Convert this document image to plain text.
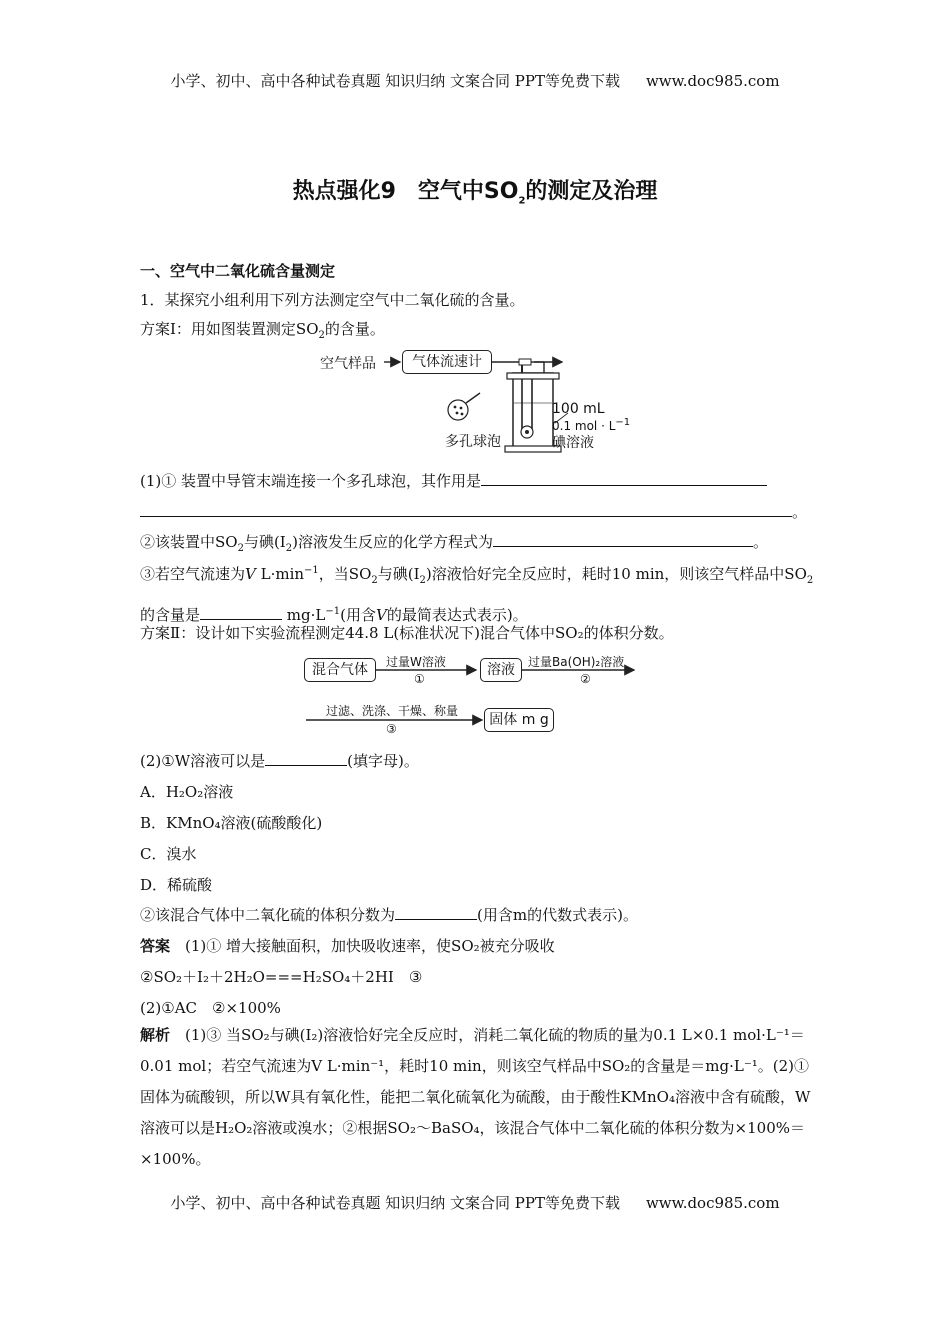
小学、初中、高中各种试卷真题 知识归纳 文案合同 PPT等免费下载 www.doc985.com
热点强化9　空气中$SO_2$的测定及治理
一、空气中二氧化硫含量测定
1．某探究小组利用下列方法测定空气中二氧化硫的含量。
方案Ⅰ：用如图装置测定$SO_2$的含量。
空气样品	气体流速计
多孔球泡
100 mL
0.1 mol · $L^{-1}$
碘溶液
(1)① 装置中导管末端连接一个多孔球泡，其作用是
。
②该装置中$SO_2$与碘$(I_2)$溶液发生反应的化学方程式为	。
③若空气流速为V $L\cdot\min^{-1}$，当$SO_2$与碘$(I_2)$溶液恰好完全反应时，耗时10 min，则该空气样品中$SO_2$的含量是	$mg\cdot L^{-1}$(用含V的最简表达式表示)。
方案Ⅱ：设计如下实验流程测定44.8 L(标准状况下)混合气体中SO₂的体积分数。
混合气体	过量W溶液
①
溶液	过量Ba(OH)₂溶液
②
过滤、洗涤、干燥、称量
③
固体 m g
(2)①W溶液可以是	(填字母)。
A．H₂O₂溶液
B．KMnO₄溶液(硫酸酸化)
C．溴水
D．稀硫酸
②该混合气体中二氧化硫的体积分数为	(用含m的代数式表示)。
答案　 (1)① 增大接触面积，加快吸收速率，使SO₂被充分吸收
②SO₂＋I₂＋2H₂O===H₂SO₄＋2HI　③
(2)①AC　②×100%
解析　 (1)③ 当SO₂与碘(I₂)溶液恰好完全反应时，消耗二氧化硫的物质的量为0.1 L×0.1 mol·L⁻¹＝0.01 mol；若空气流速为V L·min⁻¹，耗时10 min，则该空气样品中SO₂的含量是＝mg·L⁻¹。(2)① 固体为硫酸钡，所以W具有氧化性，能把二氧化硫氧化为硫酸，由于酸性KMnO₄溶液中含有硫酸，W溶液可以是H₂O₂溶液或溴水；②根据SO₂～BaSO₄，该混合气体中二氧化硫的体积分数为×100%＝ ×100%。
小学、初中、高中各种试卷真题 知识归纳 文案合同 PPT等免费下载 www.doc985.com
